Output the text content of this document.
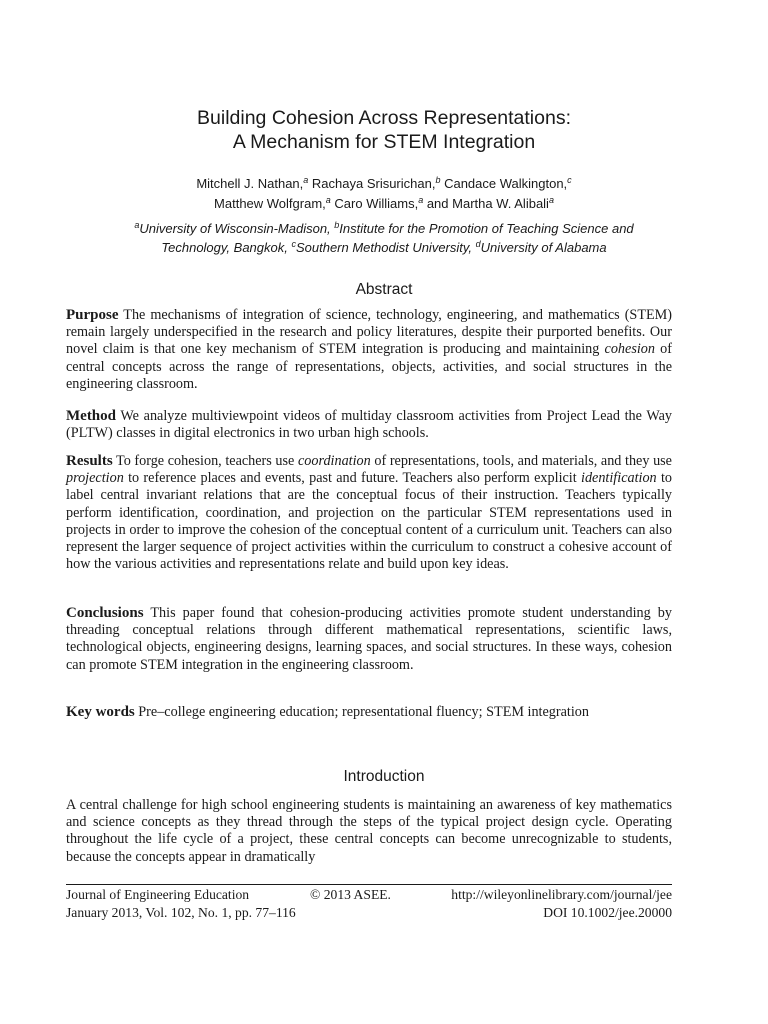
Building Cohesion Across Representations:
A Mechanism for STEM Integration
Mitchell J. Nathan,$^a$ Rachaya Srisurichan,$^b$ Candace Walkington,$^c$
Matthew Wolfgram,$^a$ Caro Williams,$^a$ and Martha W. Alibali$^a$
$^a$University of Wisconsin-Madison, $^b$Institute for the Promotion of Teaching Science and
Technology, Bangkok, $^c$Southern Methodist University, $^d$University of Alabama
Abstract
Purpose The mechanisms of integration of science, technology, engineering, and mathematics (STEM) remain largely underspecified in the research and policy literatures, despite their purported benefits. Our novel claim is that one key mechanism of STEM integration is producing and maintaining cohesion of central concepts across the range of representations, objects, activities, and social structures in the engineering classroom.
Method We analyze multiviewpoint videos of multiday classroom activities from Project Lead the Way (PLTW) classes in digital electronics in two urban high schools.
Results To forge cohesion, teachers use coordination of representations, tools, and materials, and they use projection to reference places and events, past and future. Teachers also perform explicit identification to label central invariant relations that are the conceptual focus of their instruction. Teachers typically perform identification, coordination, and projection on the particular STEM representations used in projects in order to improve the cohesion of the conceptual content of a curriculum unit. Teachers can also represent the larger sequence of project activities within the curriculum to construct a cohesive account of how the various activities and representations relate and build upon key ideas.
Conclusions This paper found that cohesion-producing activities promote student understanding by threading conceptual relations through different mathematical representations, scientific laws, technological objects, engineering designs, learning spaces, and social structures. In these ways, cohesion can promote STEM integration in the engineering classroom.
Key words Pre–college engineering education; representational fluency; STEM integration
Introduction
A central challenge for high school engineering students is maintaining an awareness of key mathematics and science concepts as they thread through the steps of the typical project design cycle. Operating throughout the life cycle of a project, these central concepts can become unrecognizable to students, because the concepts appear in dramatically
Journal of Engineering Education	© 2013 ASEE.	http://wileyonlinelibrary.com/journal/jee
January 2013, Vol. 102, No. 1, pp. 77–116	DOI 10.1002/jee.20000
